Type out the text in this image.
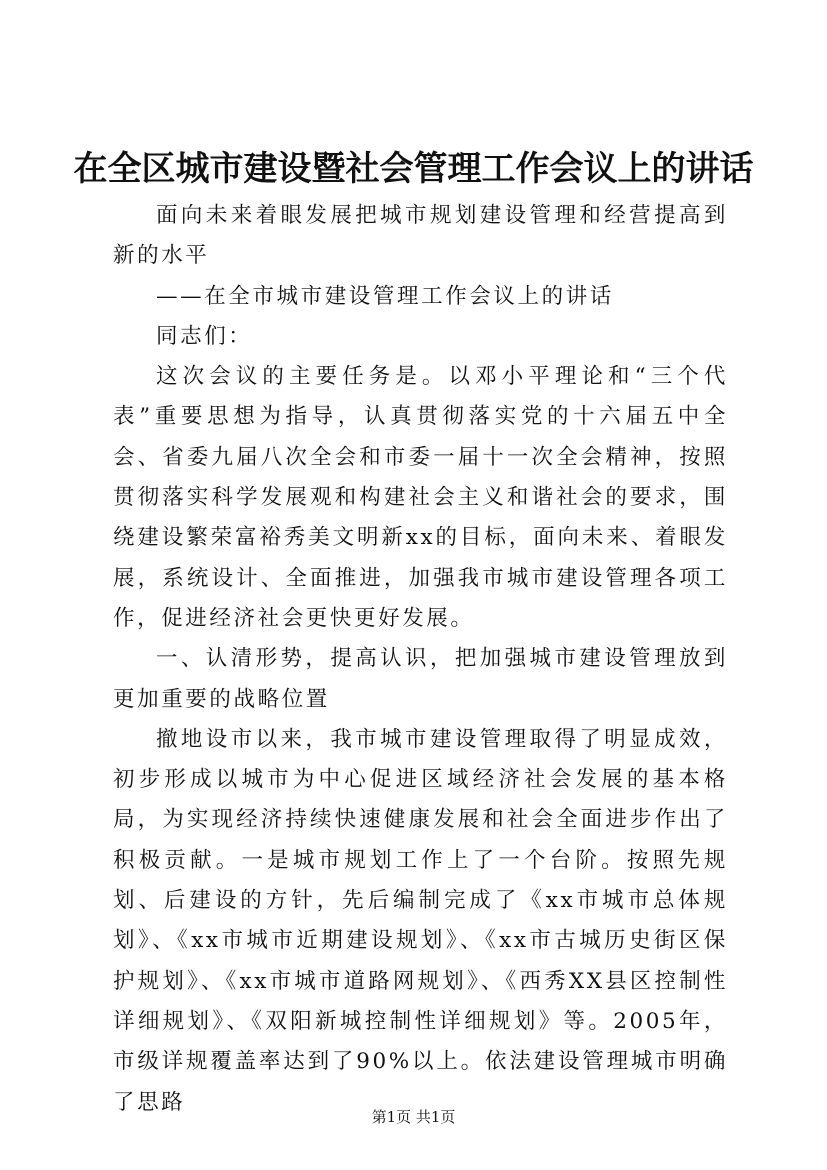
在全区城市建设暨社会管理工作会议上的讲话

面向未来着眼发展把城市规划建设管理和经营提高到新的水平

——在全市城市建设管理工作会议上的讲话

同志们：

这次会议的主要任务是。以邓小平理论和“三个代表”重要思想为指导，认真贯彻落实党的十六届五中全会、省委九届八次全会和市委一届十一次全会精神，按照贯彻落实科学发展观和构建社会主义和谐社会的要求，围绕建设繁荣富裕秀美文明新xx的目标，面向未来、着眼发展，系统设计、全面推进，加强我市城市建设管理各项工作，促进经济社会更快更好发展。

一、认清形势，提高认识，把加强城市建设管理放到更加重要的战略位置

撤地设市以来，我市城市建设管理取得了明显成效，初步形成以城市为中心促进区域经济社会发展的基本格局，为实现经济持续快速健康发展和社会全面进步作出了积极贡献。一是城市规划工作上了一个台阶。按照先规划、后建设的方针，先后编制完成了《xx市城市总体规划》、《xx市城市近期建设规划》、《xx市古城历史街区保护规划》、《xx市城市道路网规划》、《西秀XX县区控制性详细规划》、《双阳新城控制性详细规划》等。2005年，市级详规覆盖率达到了90%以上。依法建设管理城市明确了思路

第1页 共1页
